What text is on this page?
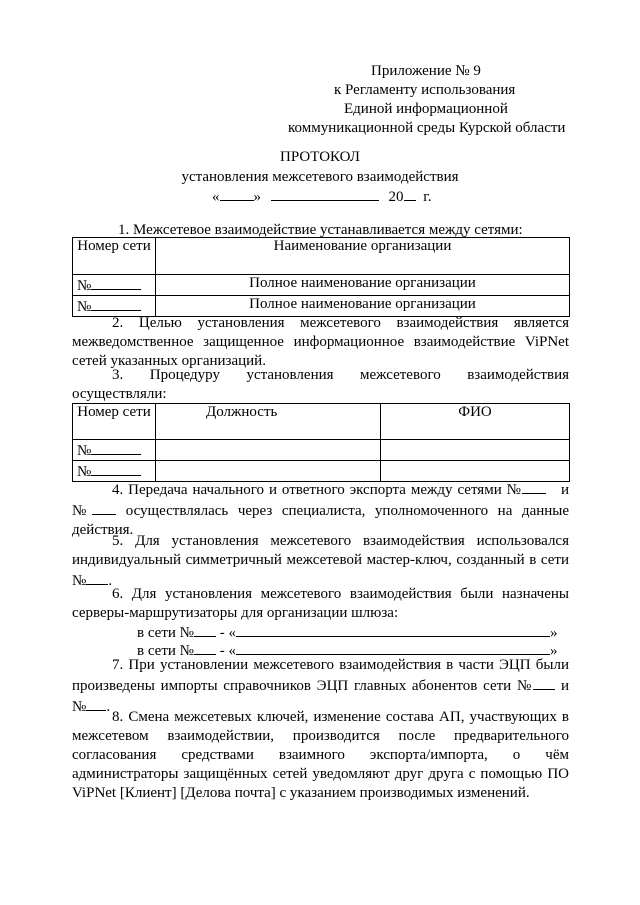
Приложение № 9
к Регламенту использования
Единой информационной
коммуникационной среды Курской области
ПРОТОКОЛ
установления межсетевого взаимодействия
« »	20 г.
1. Межсетевое взаимодействие устанавливается между сетями:
Номер сети	Наименование организации
№	Полное наименование организации
№	Полное наименование организации

2. Целью установления межсетевого взаимодействия является межведомственное защищенное информационное взаимодействие ViPNet сетей указанных организаций.

3. Процедуру установления межсетевого взаимодействия осуществляли:

Номер сети	Должность	ФИО
№		
№		

4. Передача начального и ответного экспорта между сетями №	и № осуществлялась через специалиста, уполномоченного на данные действия.

5. Для установления межсетевого взаимодействия использовался индивидуальный симметричный межсетевой мастер-ключ, созданный в сети № .

6. Для установления межсетевого взаимодействия были назначены серверы-маршрутизаторы для организации шлюза:

в сети № - «	»
в сети № - «	»

7. При установлении межсетевого взаимодействия в части ЭЦП были произведены импорты справочников ЭЦП главных абонентов сети № и № .

8. Смена межсетевых ключей, изменение состава АП, участвующих в межсетевом взаимодействии, производится после предварительного согласования средствами взаимного экспорта/импорта, о чём администраторы защищённых сетей уведомляют друг друга с помощью ПО ViPNet [Клиент] [Делова почта] с указанием производимых изменений.
